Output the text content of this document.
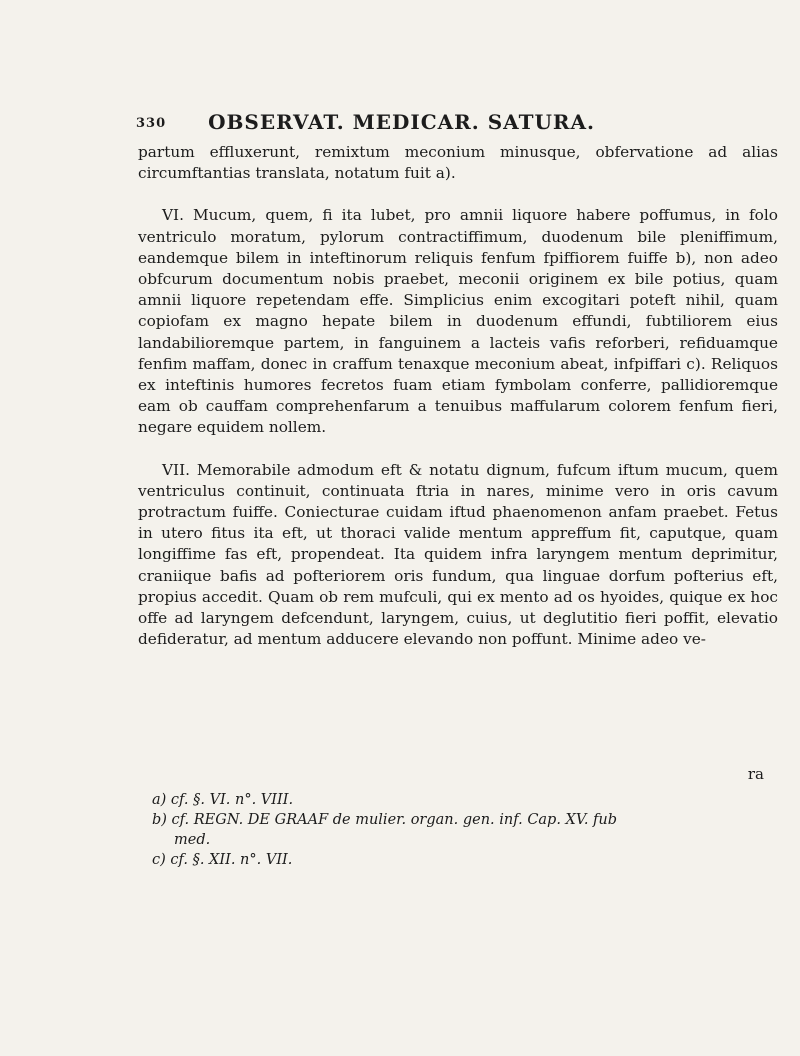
330 OBSERVAT. MEDICAR. SATURA.

partum effluxerunt, remixtum meconium minusque, obfervatione ad alias circumftantias translata, notatum fuit a).

VI. Mucum, quem, fi ita lubet, pro amnii liquore habere poffumus, in folo ventriculo moratum, pylorum contractiffimum, duodenum bile pleniffimum, eandemque bilem in inteftinorum reliquis fenfum fpiffiorem fuiffe b), non adeo obfcurum documentum nobis praebet, meconii originem ex bile potius, quam amnii liquore repetendam effe. Simplicius enim excogitari poteft nihil, quam copiofam ex magno hepate bilem in duodenum effundi, fubtiliorem eius landabilioremque partem, in fanguinem a lacteis vafis reforberi, refiduamque fenfim maffam, donec in craffum tenaxque meconium abeat, infpiffari c). Reliquos ex inteftinis humores fecretos fuam etiam fymbolam conferre, pallidioremque eam ob cauffam comprehenfarum a tenuibus maffularum colorem fenfum fieri, negare equidem nollem.

VII. Memorabile admodum eft & notatu dignum, fufcum iftum mucum, quem ventriculus continuit, continuata ftria in nares, minime vero in oris cavum protractum fuiffe. Coniecturae cuidam iftud phaenomenon anfam praebet. Fetus in utero fitus ita eft, ut thoraci valide mentum appreffum fit, caputque, quam longiffime fas eft, propendeat. Ita quidem infra laryngem mentum deprimitur, craniique bafis ad pofteriorem oris fundum, qua linguae dorfum pofterius eft, propius accedit. Quam ob rem mufculi, qui ex mento ad os hyoides, quique ex hoc offe ad laryngem defcendunt, laryngem, cuius, ut deglutitio fieri poffit, elevatio defideratur, ad mentum adducere elevando non poffunt. Minime adeo ve-

ra
a) cf. §. VI. n°. VIII.
b) cf. REGN. DE GRAAF de mulier. organ. gen. inf. Cap. XV. fub
med.
c) cf. §. XII. n°. VII.
